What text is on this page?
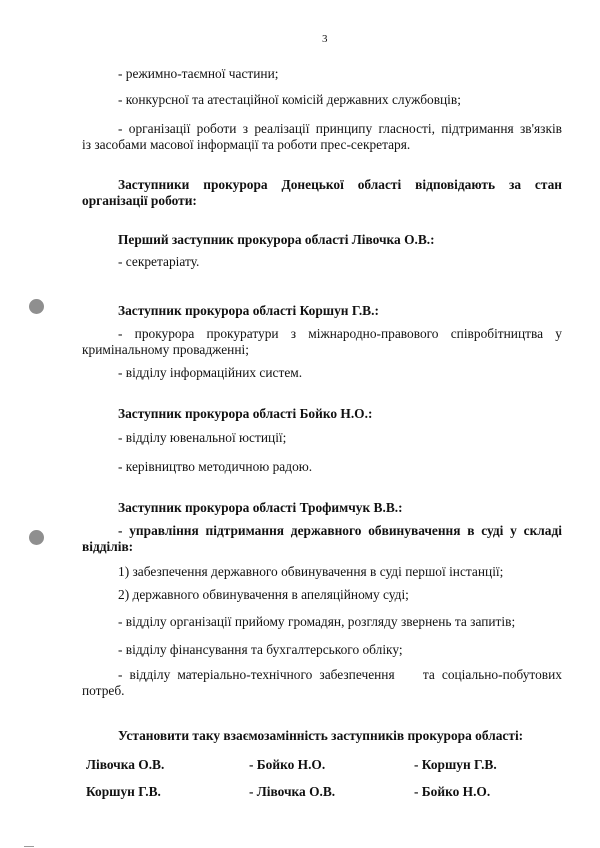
3
- режимно-таємної частини;
- конкурсної та атестаційної комісій державних службовців;
- організації роботи з реалізації принципу гласності, підтримання зв'язків
із засобами масової інформації та роботи прес-секретаря.
Заступники прокурора Донецької області відповідають за стан
організації роботи:
Перший заступник прокурора області Лівочка О.В.:
- секретаріату.
Заступник прокурора області Коршун Г.В.:
- прокурора прокуратури з міжнародно-правового співробітництва у
кримінальному провадженні;
- відділу інформаційних систем.
Заступник прокурора області Бойко Н.О.:
- відділу ювенальної юстиції;
- керівництво методичною радою.
Заступник прокурора області Трофимчук В.В.:
- управління підтримання державного обвинувачення в суді у складі
відділів:
1) забезпечення державного обвинувачення в суді першої інстанції;
2) державного обвинувачення в апеляційному суді;
- відділу організації прийому громадян, розгляду звернень та запитів;
- відділу фінансування та бухгалтерського обліку;
- відділу матеріально-технічного забезпечення    та соціально-побутових
потреб.
Установити таку взаємозамінність заступників прокурора області:
Лівочка О.В.	- Бойко Н.О.	- Коршун Г.В.
Коршун Г.В.	- Лівочка О.В.	- Бойко Н.О.
